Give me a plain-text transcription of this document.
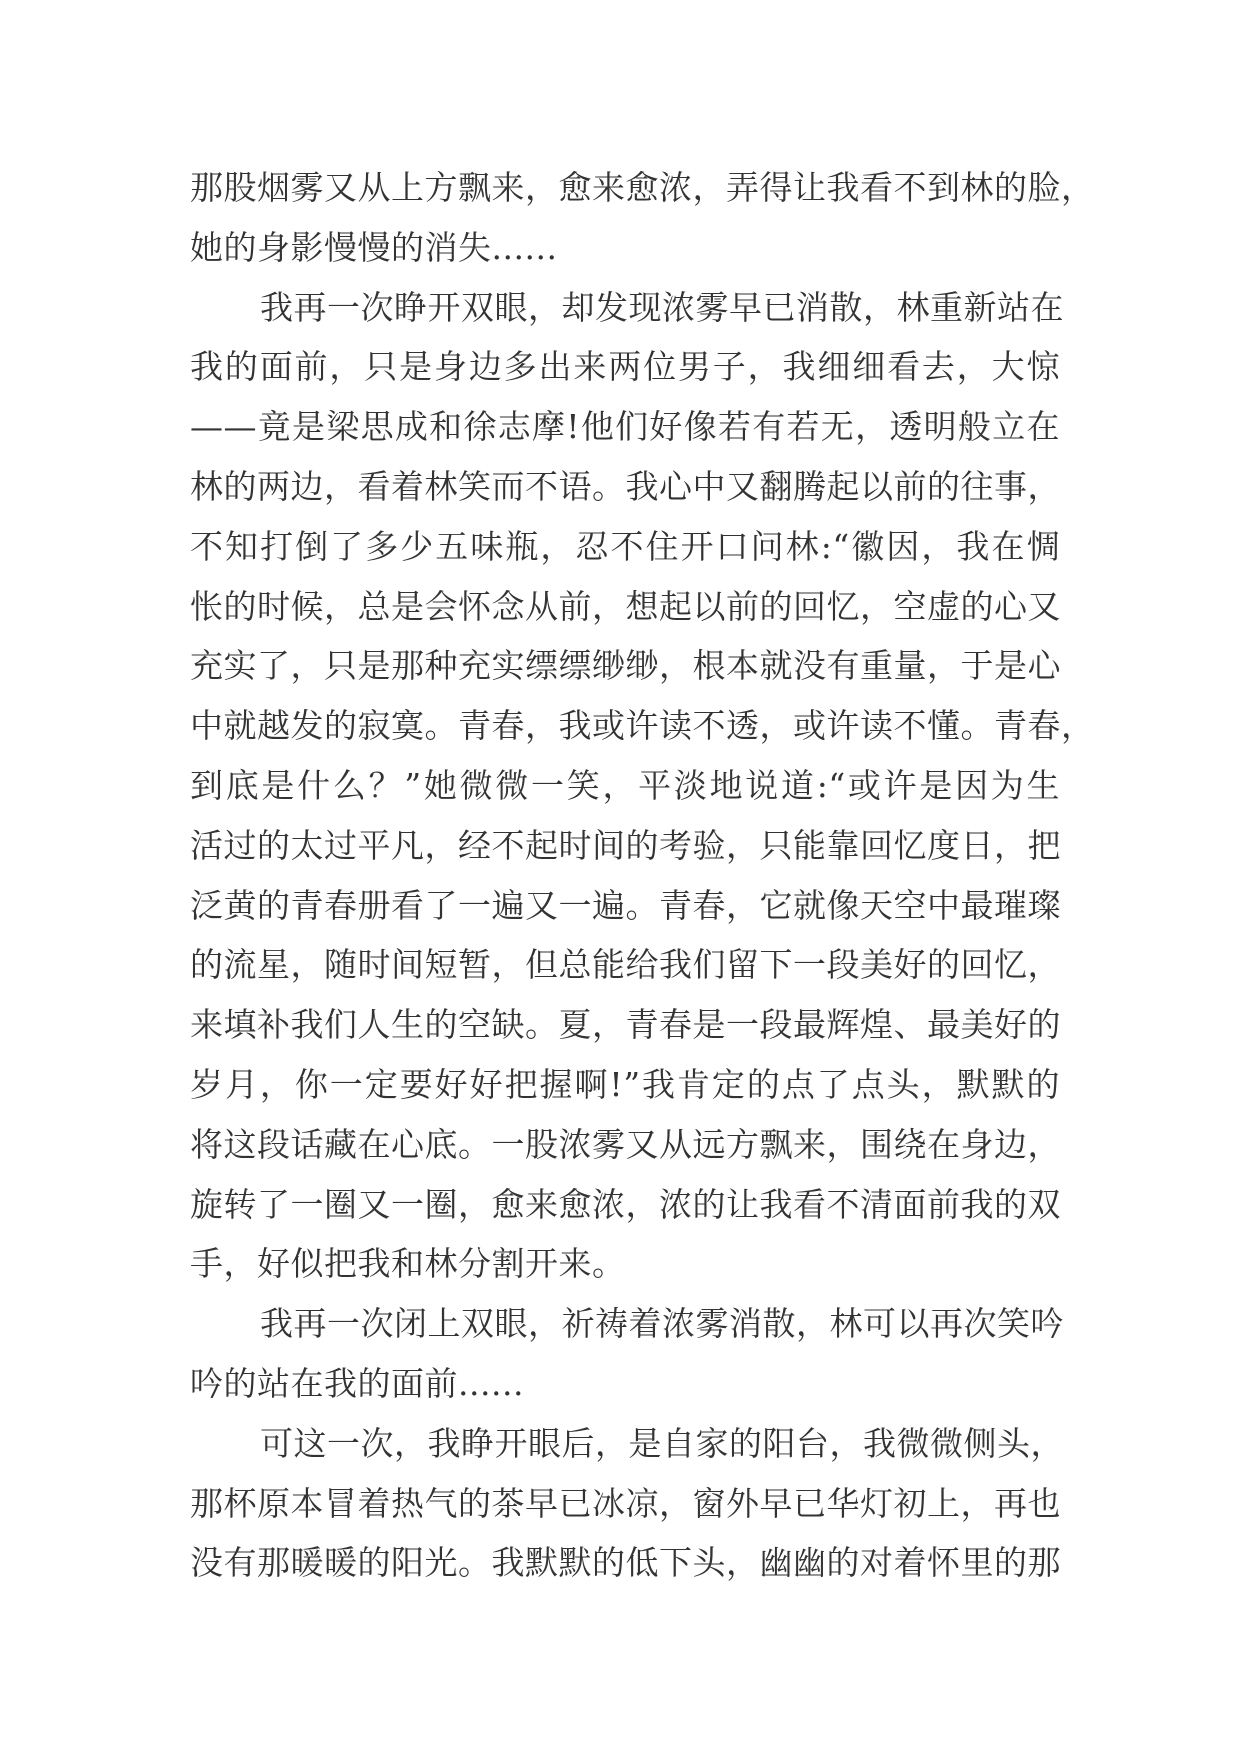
那股烟雾又从上方飘来，愈来愈浓，弄得让我看不到林的脸，
她的身影慢慢的消失......
我再一次睁开双眼，却发现浓雾早已消散，林重新站在
我的面前，只是身边多出来两位男子，我细细看去，大惊
——竟是梁思成和徐志摩!他们好像若有若无，透明般立在
林的两边，看着林笑而不语。我心中又翻腾起以前的往事，
不知打倒了多少五味瓶，忍不住开口问林:“徽因，我在惆
怅的时候，总是会怀念从前，想起以前的回忆，空虚的心又
充实了，只是那种充实缥缥缈缈，根本就没有重量，于是心
中就越发的寂寞。青春，我或许读不透，或许读不懂。青春，
到底是什么？”她微微一笑，平淡地说道:“或许是因为生
活过的太过平凡，经不起时间的考验，只能靠回忆度日，把
泛黄的青春册看了一遍又一遍。青春，它就像天空中最璀璨
的流星，随时间短暂，但总能给我们留下一段美好的回忆，
来填补我们人生的空缺。夏，青春是一段最辉煌、最美好的
岁月，你一定要好好把握啊!”我肯定的点了点头，默默的
将这段话藏在心底。一股浓雾又从远方飘来，围绕在身边，
旋转了一圈又一圈，愈来愈浓，浓的让我看不清面前我的双
手，好似把我和林分割开来。
我再一次闭上双眼，祈祷着浓雾消散，林可以再次笑吟
吟的站在我的面前......
可这一次，我睁开眼后，是自家的阳台，我微微侧头，
那杯原本冒着热气的茶早已冰凉，窗外早已华灯初上，再也
没有那暖暖的阳光。我默默的低下头，幽幽的对着怀里的那
